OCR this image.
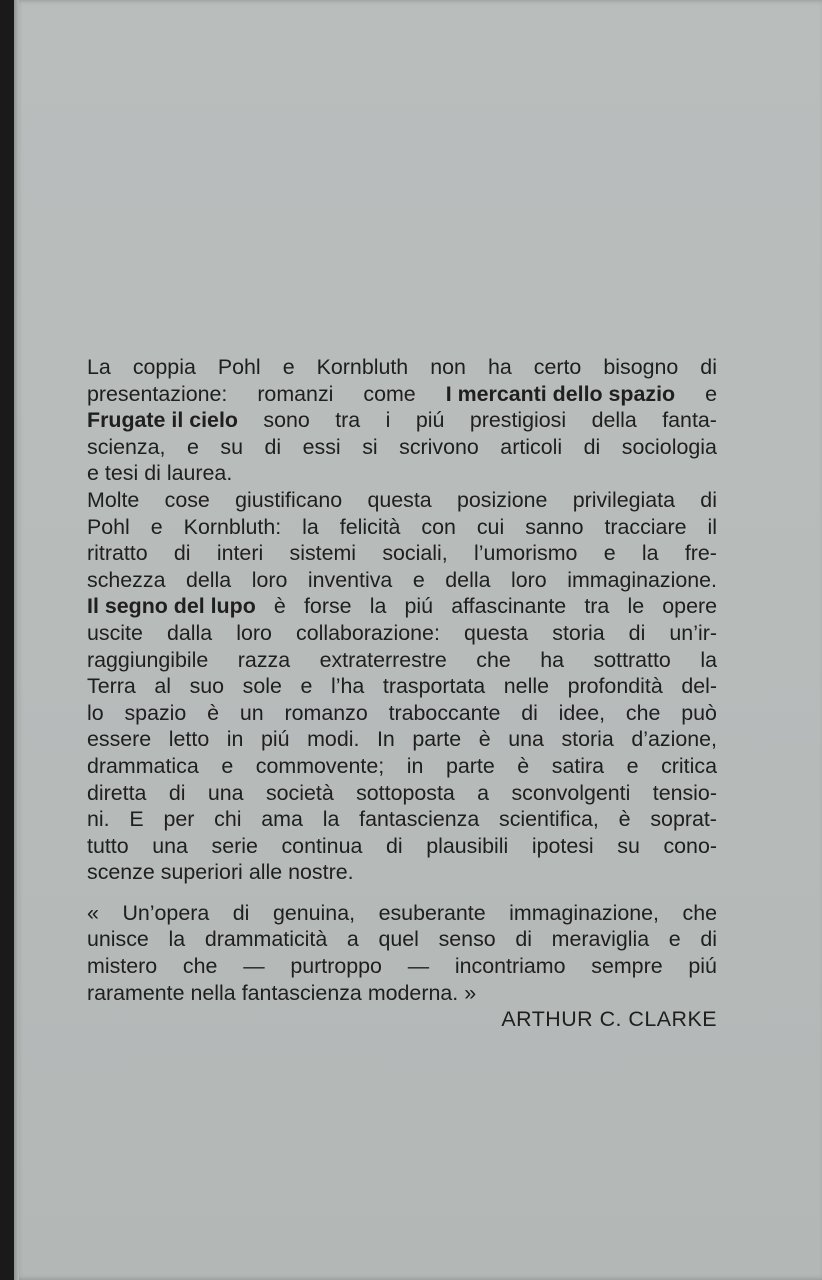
La coppia Pohl e Kornbluth non ha certo bisogno di
presentazione: romanzi come I mercanti dello spazio e
Frugate il cielo sono tra i piú prestigiosi della fanta-
scienza, e su di essi si scrivono articoli di sociologia
e tesi di laurea.
Molte cose giustificano questa posizione privilegiata di
Pohl e Kornbluth: la felicità con cui sanno tracciare il
ritratto di interi sistemi sociali, l’umorismo e la fre-
schezza della loro inventiva e della loro immaginazione.
Il segno del lupo è forse la piú affascinante tra le opere
uscite dalla loro collaborazione: questa storia di un’ir-
raggiungibile razza extraterrestre che ha sottratto la
Terra al suo sole e l’ha trasportata nelle profondità del-
lo spazio è un romanzo traboccante di idee, che può
essere letto in piú modi. In parte è una storia d’azione,
drammatica e commovente; in parte è satira e critica
diretta di una società sottoposta a sconvolgenti tensio-
ni. E per chi ama la fantascienza scientifica, è soprat-
tutto una serie continua di plausibili ipotesi su cono-
scenze superiori alle nostre.
« Un’opera di genuina, esuberante immaginazione, che
unisce la drammaticità a quel senso di meraviglia e di
mistero che — purtroppo — incontriamo sempre piú
raramente nella fantascienza moderna. »
ARTHUR C. CLARKE
